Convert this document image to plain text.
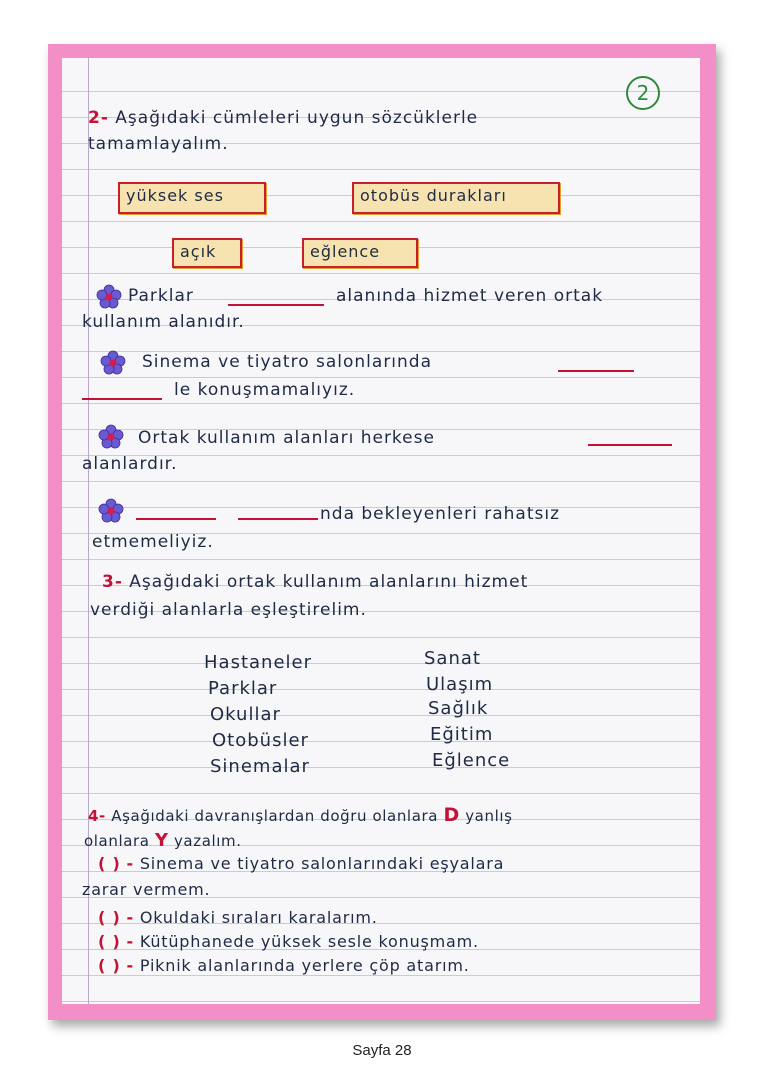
2
2- Aşağıdaki cümleleri uygun sözcüklerle
tamamlayalım.
yüksek ses	otobüs durakları
açık	eğlence
Parklar	alanında hizmet veren ortak
kullanım alanıdır.
Sinema ve tiyatro salonlarında
le konuşmamalıyız.
Ortak kullanım alanları herkese
alanlardır.
nda bekleyenleri rahatsız
etmemeliyiz.
3- Aşağıdaki ortak kullanım alanlarını hizmet
verdiği alanlarla eşleştirelim.
Hastaneler
Parklar
Okullar
Otobüsler
Sinemalar
Sanat
Ulaşım
Sağlık
Eğitim
Eğlence
4- Aşağıdaki davranışlardan doğru olanlara D yanlış
olanlara Y yazalım.
( ) - Sinema ve tiyatro salonlarındaki eşyalara
zarar vermem.
( ) - Okuldaki sıraları karalarım.
( ) - Kütüphanede yüksek sesle konuşmam.
( ) - Piknik alanlarında yerlere çöp atarım.
Sayfa 28
